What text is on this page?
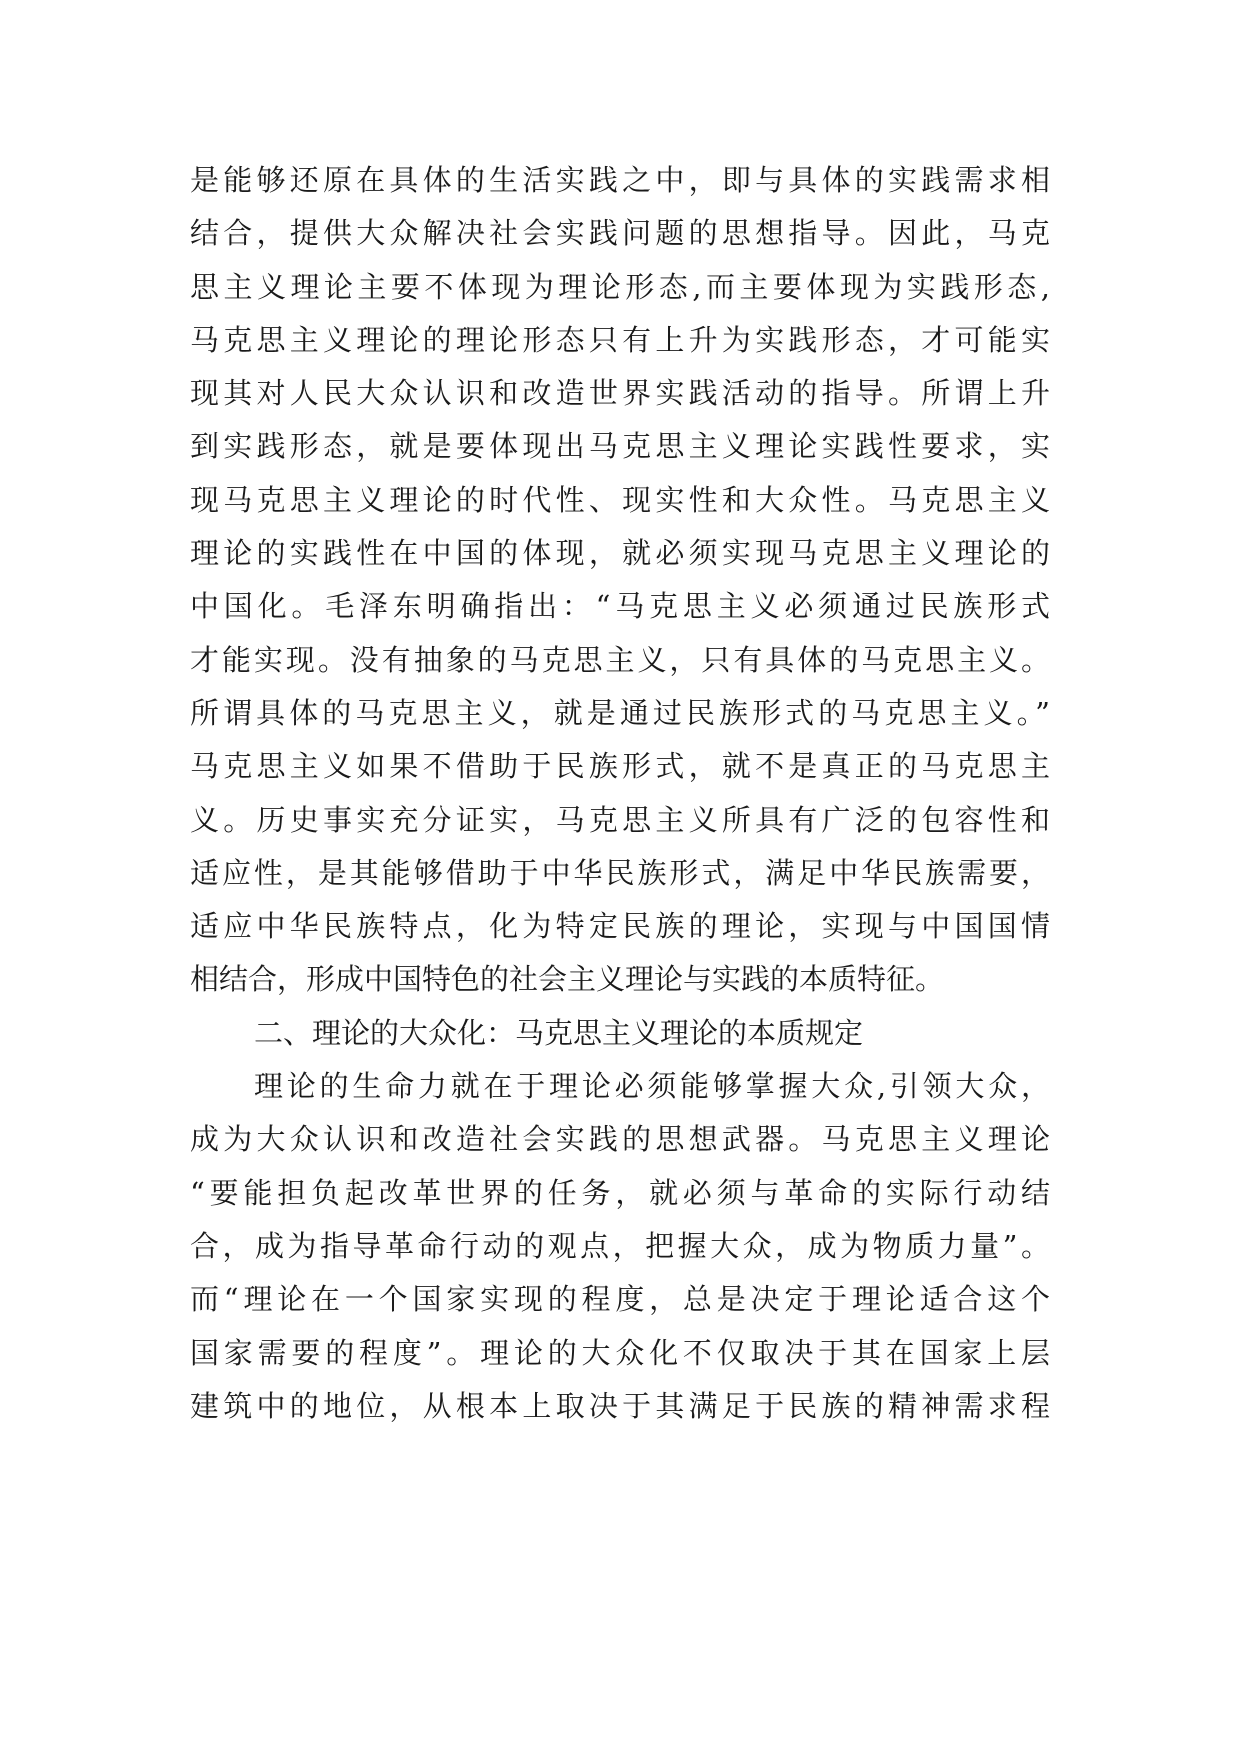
是能够还原在具体的生活实践之中，即与具体的实践需求相
结合，提供大众解决社会实践问题的思想指导。因此，马克
思主义理论主要不体现为理论形态,而主要体现为实践形态,
马克思主义理论的理论形态只有上升为实践形态，才可能实
现其对人民大众认识和改造世界实践活动的指导。所谓上升
到实践形态，就是要体现出马克思主义理论实践性要求，实
现马克思主义理论的时代性、现实性和大众性。马克思主义
理论的实践性在中国的体现，就必须实现马克思主义理论的
中国化。毛泽东明确指出：“马克思主义必须通过民族形式
才能实现。没有抽象的马克思主义，只有具体的马克思主义。
所谓具体的马克思主义，就是通过民族形式的马克思主义。”
马克思主义如果不借助于民族形式，就不是真正的马克思主
义。历史事实充分证实，马克思主义所具有广泛的包容性和
适应性，是其能够借助于中华民族形式，满足中华民族需要，
适应中华民族特点，化为特定民族的理论，实现与中国国情
相结合，形成中国特色的社会主义理论与实践的本质特征。
二、理论的大众化：马克思主义理论的本质规定
理论的生命力就在于理论必须能够掌握大众,引领大众，
成为大众认识和改造社会实践的思想武器。马克思主义理论
“要能担负起改革世界的任务，就必须与革命的实际行动结
合，成为指导革命行动的观点，把握大众，成为物质力量”。
而“理论在一个国家实现的程度，总是决定于理论适合这个
国家需要的程度”。理论的大众化不仅取决于其在国家上层
建筑中的地位，从根本上取决于其满足于民族的精神需求程
